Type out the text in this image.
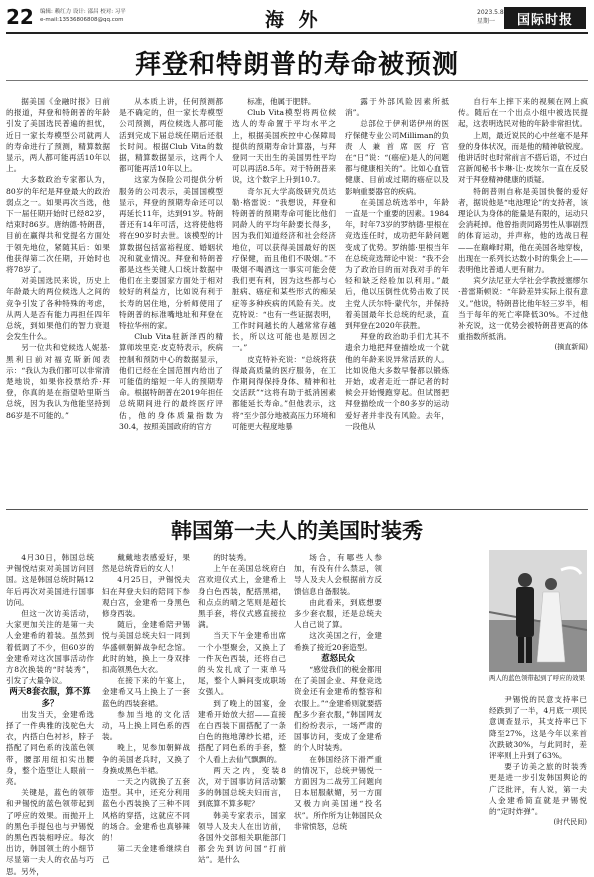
22 编辑: 赖红力 设计: 邵昌 校对: 习平
e-mail:13536806808@qq.com	海 外	2023.5.8
星期一	国际时报
拜登和特朗普的寿命被预测

据美国《金融时报》日前的报道，拜登和特朗普的年龄引发了美国选民普遍的担忧，近日一家长寿模型公司就两人的寿命进行了预测，精算数据显示，两人都可能再活10年以上。

大多数政治专家都认为，80岁的年纪是拜登最大的政治弱点之一。如果再次当选，他下一届任期开始时已经82岁，结束时86岁。唐纳德·特朗普，目前在赢得共和党提名方面处于领先地位，紧随其后：如果他获得第二次任期，开始时也将78岁了。

对美国选民来说，历史上年龄最大的两位候选人之间的竞争引发了各种特殊的考虑，从两人是否有能力再担任四年总统，到如果他们的智力衰退会发生什么。

另一位共和党候选人妮基·黑利日前对福克斯新闻表示：“我认为我们都可以非常清楚地说，如果你投票给乔·拜登，你真的是在指望哈里斯当总统，因为我认为他能坚持到86岁是不可能的。”

从本质上讲，任何预测都是不确定的，但一家长寿模型公司预测，两位候选人都可能活到完成下届总统任期后还很长时间。根据Club Vita的数据，精算数据显示，这两个人都可能再活10年以上。

这家为保险公司提供分析服务的公司表示，美国国模型显示，拜登的预期寿命还可以再延长11年，达到91岁。特朗普还有14年可活，这将使他将将在90岁时去世。该模型的计算数据包括富裕程度、婚姻状况和就业情况。拜登和特朗普都是这些关键人口统计数据中他们在主要国家方面处于相对较好的利益方，比如说有利于长寿的居住地，分析师使用了特朗普的标准嘴地址和拜登在特拉华州的家。

Club Vita驻新泽西的精算师埃里克·皮克特表示，疾病控制和预防中心的数据显示，他们已经在全国范围内给出了可能值的缩短一年人的预期寿命。根据特朗普在2019年担任总统期间进行的最终医疗评估，他的身体质量指数为30.4，按照美国政府的官方

标准，他属于肥胖。

Club Vita模型将两位候选人的寿命置于平均水平之上，根据美国疾控中心保障局提供的预期寿命计算器，与拜登同一天出生的美国男性平均可以再活8.5年。对于特朗普来说，这个数字上升到10.7。

奇尔瓦大学高级研究员达勒·格雷说：“我想说，拜登和特朗普的预期寿命可能比他们同龄人的平均年龄要长得多，因为我们知道经济和社会经济地位，可以获得美国最好的医疗保健，而且他们不吸烟。”不吸烟不喝酒这一事实可能会使我们更有利，因为这些都与心脏病、癌症和某些形式的痴呆症等多种疾病的风险有关。皮克特说：“也有一些证据表明，工作时间越长的人越常常存越长，所以这可能也是原因之一。”

皮克特补充说：“总统将获得最高质量的医疗服务，在工作期间得保持身体、精神和社交活跃”“这将有助于抵消困素都能延长寿命。”但他表示，这将“至少部分地被高压力环境和可能更大程度地暴

露于外部风险因素所抵消”。

总部位于伊利诺伊州的医疗保健专业公司Milliman的负责人兼首席医疗官在“日”说：“(癌症)是人的问题都与健康相关的”。比如心血管健康、目前或过期的癌症以及影响重要器官的疾病。

在美国总统选举中，年龄一直是一个重要的因素。1984年，时年73岁的罗纳德·里根在竞选连任时，成功把年龄问题变成了优势。罗纳德·里根当年在总统竞选辩论中说：“我不会为了政治目的而对我对手的年轻和缺乏经验加以利用。”最后，他以压倒性优势击败了民主党人沃尔特·蒙代尔，并保持着美国最年长总统的纪录，直到拜登在2020年获胜。

拜登的政治助手们尤其不遗余力地把拜登描绘成一个就他的年龄来说异常活跃的人。比如说他大多数早餐都以锻炼开始，或者走近一群记者的时候会开始慢跑穿起。但试图把拜登描绘成一个80多岁的运动爱好者并非没有风险。去年，一段他从

自行车上摔下来的视频在网上疯传。随后在一个出点小组中被选民提起，这表明选民对他的年龄非常担忧。

上周，最近说民的心中丝毫不是拜登的身体状况，而是他的精神敏锐度。他讲话时也时常前言不搭后语，不过白宫新闻秘书卡琳·让·皮埃尔一直在反驳对于拜登精神健康的质疑。

特朗普则自称是美国快餐的爱好者，据说他是“电池理论”的支持者，该理论认为身体的能量是有限的，运动只会消耗掉。他曾指责同路男性从事剧烈的体育运动，并声称，他的选战日程——在巅峰时期，他在美国各地穿梭，出现在一系列长达数小时的集会上——表明他比普通人更有耐力。

宾夕法尼亚大学社会学教授塞缪尔·普雷斯顿说：“年龄差异实际上很有意义。”他说，特朗普比他年轻三岁半，相当于每年的死亡率降低30%。不过他补充说，这一优势会被特朗普更高的体重指数所抵消。

(摘直新闻)
韩国第一夫人的美国时装秀

4月30日，韩国总统尹锡悦结束对美国访问回国。这是韩国总统时隔12年后再次对美国进行国事访问。

但这一次访美活动，大家更加关注的是第一夫人金建希的着装。虽然到着低调了不少，但60岁的金建希对这次国事活动作方8次换装的“时装秀”，引发了大量争议。

两天8套衣服，算不算多？

出发当天，金建希选择了一件典雅的浅驼色大衣，内搭白色衬衫，脖子搭配了同色系的浅蓝色领带，腰部用纽扣实出腰身，整个造型让人眼前一亮。

关键是，蓝色的领带和尹锡悦的蓝色领带起到了呼应的效果。而抛开上的黑色手提包也与尹锡悦的黑色西装相呼应。每次出访，韩国领土的小细节尽显第一夫人的衣品与巧思。另外，

戴戴地表感爱好，果然是总统背后的女人！

4月25日，尹锡悦夫妇在拜登夫妇的陪同下参观白宫，金建希一身黑色修身西装。

随后，金建希陪尹锡悦与美国总统夫妇一同到华盛顿朝鲜战争纪念馆。此时的她，换上一身双排扣高领黑色大衣。

在接下来的午宴上，金建希又马上换上了一套蓝色的西装套裙。

参加当地的文化活动，马上换上同色系的西装。

晚上，见参加朝鲜战争的美国老兵时，又换了身换成黑色半裙。

一天之内就换了五套造型。其中，还充分利用蓝色小西装换了三种不同风格的穿搭，这就应不同的场合。金建希也真够辣的！

第二天金建希继续自己

的时装秀。

上午在美国总统府白宫欢迎仪式上，金建希上身白色西装，配搭黑裙，和点点的晴之笔则是超长黑手套，将仪式感直接拉满。

当天下午金建希出席一个小型聚会，又换上了一件灰色西装，还将自己的头发扎成了一束单马尾，整个人瞬间变成职场女强人。

到了晚上的国宴，金建希开始放大招——直接在白西装下面搭配了一条白色的拖地薄纱长裙，还搭配了同色系的手套，整个人看上去仙气飘飘的。

两天之内，变装8次，对于国事访问活动繁多的韩国总统夫妇而言，到底算不算多呢？

韩美专家表示，国家领导人及夫人在出访前，各国外交部相关职能部门都会先到访问国“打前站”。是什么

场合，有哪些人参加，有没有什么禁忌，领导人及夫人会根据前方反馈信息自备服装。

由此看来，到底想要多少套衣服，还是总统夫人自己说了算。

这次美国之行，金建希换了接近20套造型。

惹怒民众

“感觉我们的税金都用在了美国企业、拜登竞选资金还有金建希的整容和衣服上。”“金建希则就要搭配多少套衣服，”韩国网友们纷纷表示，一场严肃的国事访问，变成了金建希的个人时装秀。

在韩国经济下滑严重的情况下，总统尹锡悦一方面因为二战劳工问题向日本屈服献媚，另一方面又极力向美国递“投名状”。所作所为让韩国民众非常愤怒，总统

两人的蓝色领带起到了呼应的效果

尹锡悦的民意支持率已经跌到了一半，4月底一项民意调查显示，其支持率已下降至27%，这是今年以来首次跌破30%，与此同时，差评率则上升到了63%。

要子访美之旅的时装秀更是进一步引发韩国舆论的广泛批评，有人说，第一夫人金建希简直就是尹锡悦的“定时炸弹”。

(时代民间)
